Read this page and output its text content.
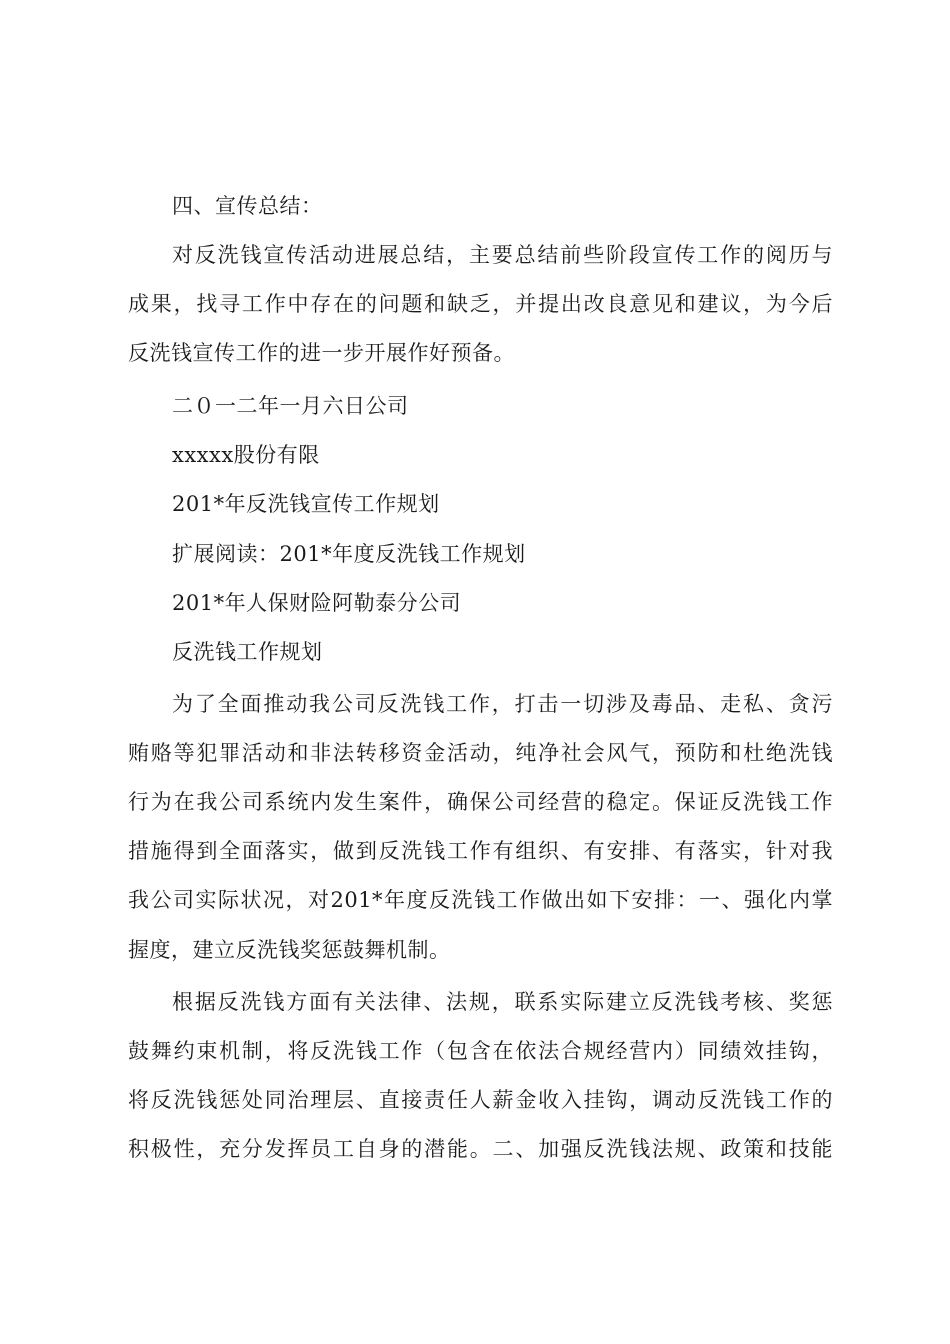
四、宣传总结：
对反洗钱宣传活动进展总结，主要总结前些阶段宣传工作的阅历与
成果，找寻工作中存在的问题和缺乏，并提出改良意见和建议，为今后
反洗钱宣传工作的进一步开展作好预备。
二０一二年一月六日公司
xxxxx股份有限
201*年反洗钱宣传工作规划
扩展阅读：201*年度反洗钱工作规划
201*年人保财险阿勒泰分公司
反洗钱工作规划
为了全面推动我公司反洗钱工作，打击一切涉及毒品、走私、贪污
贿赂等犯罪活动和非法转移资金活动，纯净社会风气，预防和杜绝洗钱
行为在我公司系统内发生案件，确保公司经营的稳定。保证反洗钱工作
措施得到全面落实，做到反洗钱工作有组织、有安排、有落实，针对我
我公司实际状况，对201*年度反洗钱工作做出如下安排：一、强化内掌
握度，建立反洗钱奖惩鼓舞机制。
根据反洗钱方面有关法律、法规，联系实际建立反洗钱考核、奖惩
鼓舞约束机制，将反洗钱工作（包含在依法合规经营内）同绩效挂钩，
将反洗钱惩处同治理层、直接责任人薪金收入挂钩，调动反洗钱工作的
积极性，充分发挥员工自身的潜能。二、加强反洗钱法规、政策和技能
